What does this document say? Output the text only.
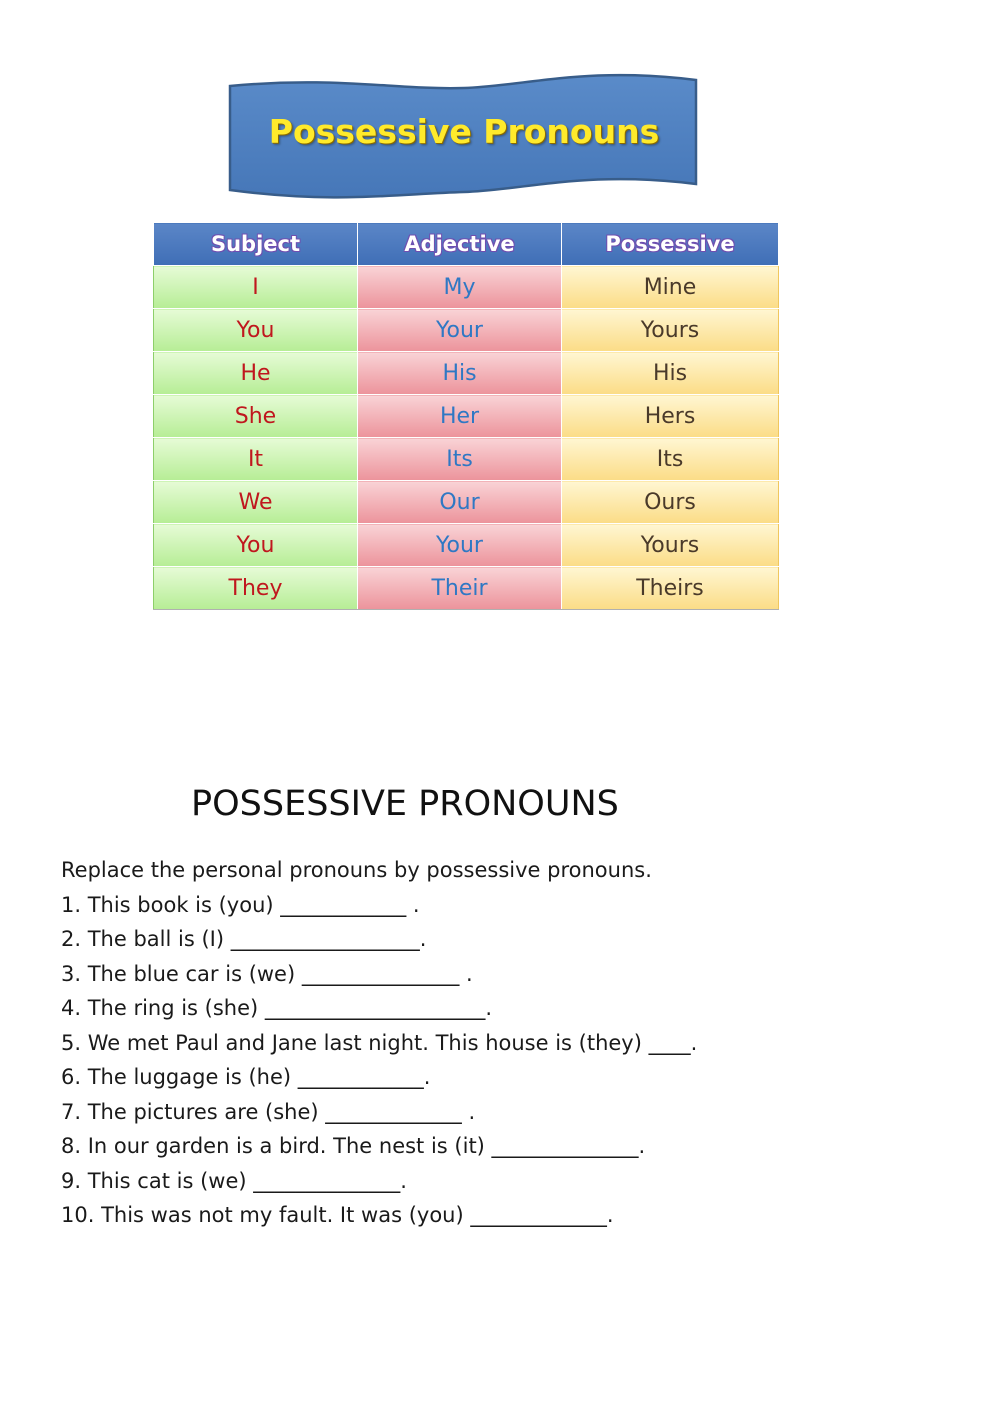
Possessive Pronouns
Subject	Adjective	Possessive
I	My	Mine
You	Your	Yours
He	His	His
She	Her	Hers
It	Its	Its
We	Our	Ours
You	Your	Yours
They	Their	Theirs
POSSESSIVE PRONOUNS
Replace the personal pronouns by possessive pronouns.
1. This book is (you) ____________ .
2. The ball is (I) __________________.
3. The blue car is (we) _______________ .
4. The ring is (she) _____________________.
5. We met Paul and Jane last night. This house is (they) ____.
6. The luggage is (he) ____________.
7. The pictures are (she) _____________ .
8. In our garden is a bird. The nest is (it) ______________.
9. This cat is (we) ______________.
10. This was not my fault. It was (you) _____________.
